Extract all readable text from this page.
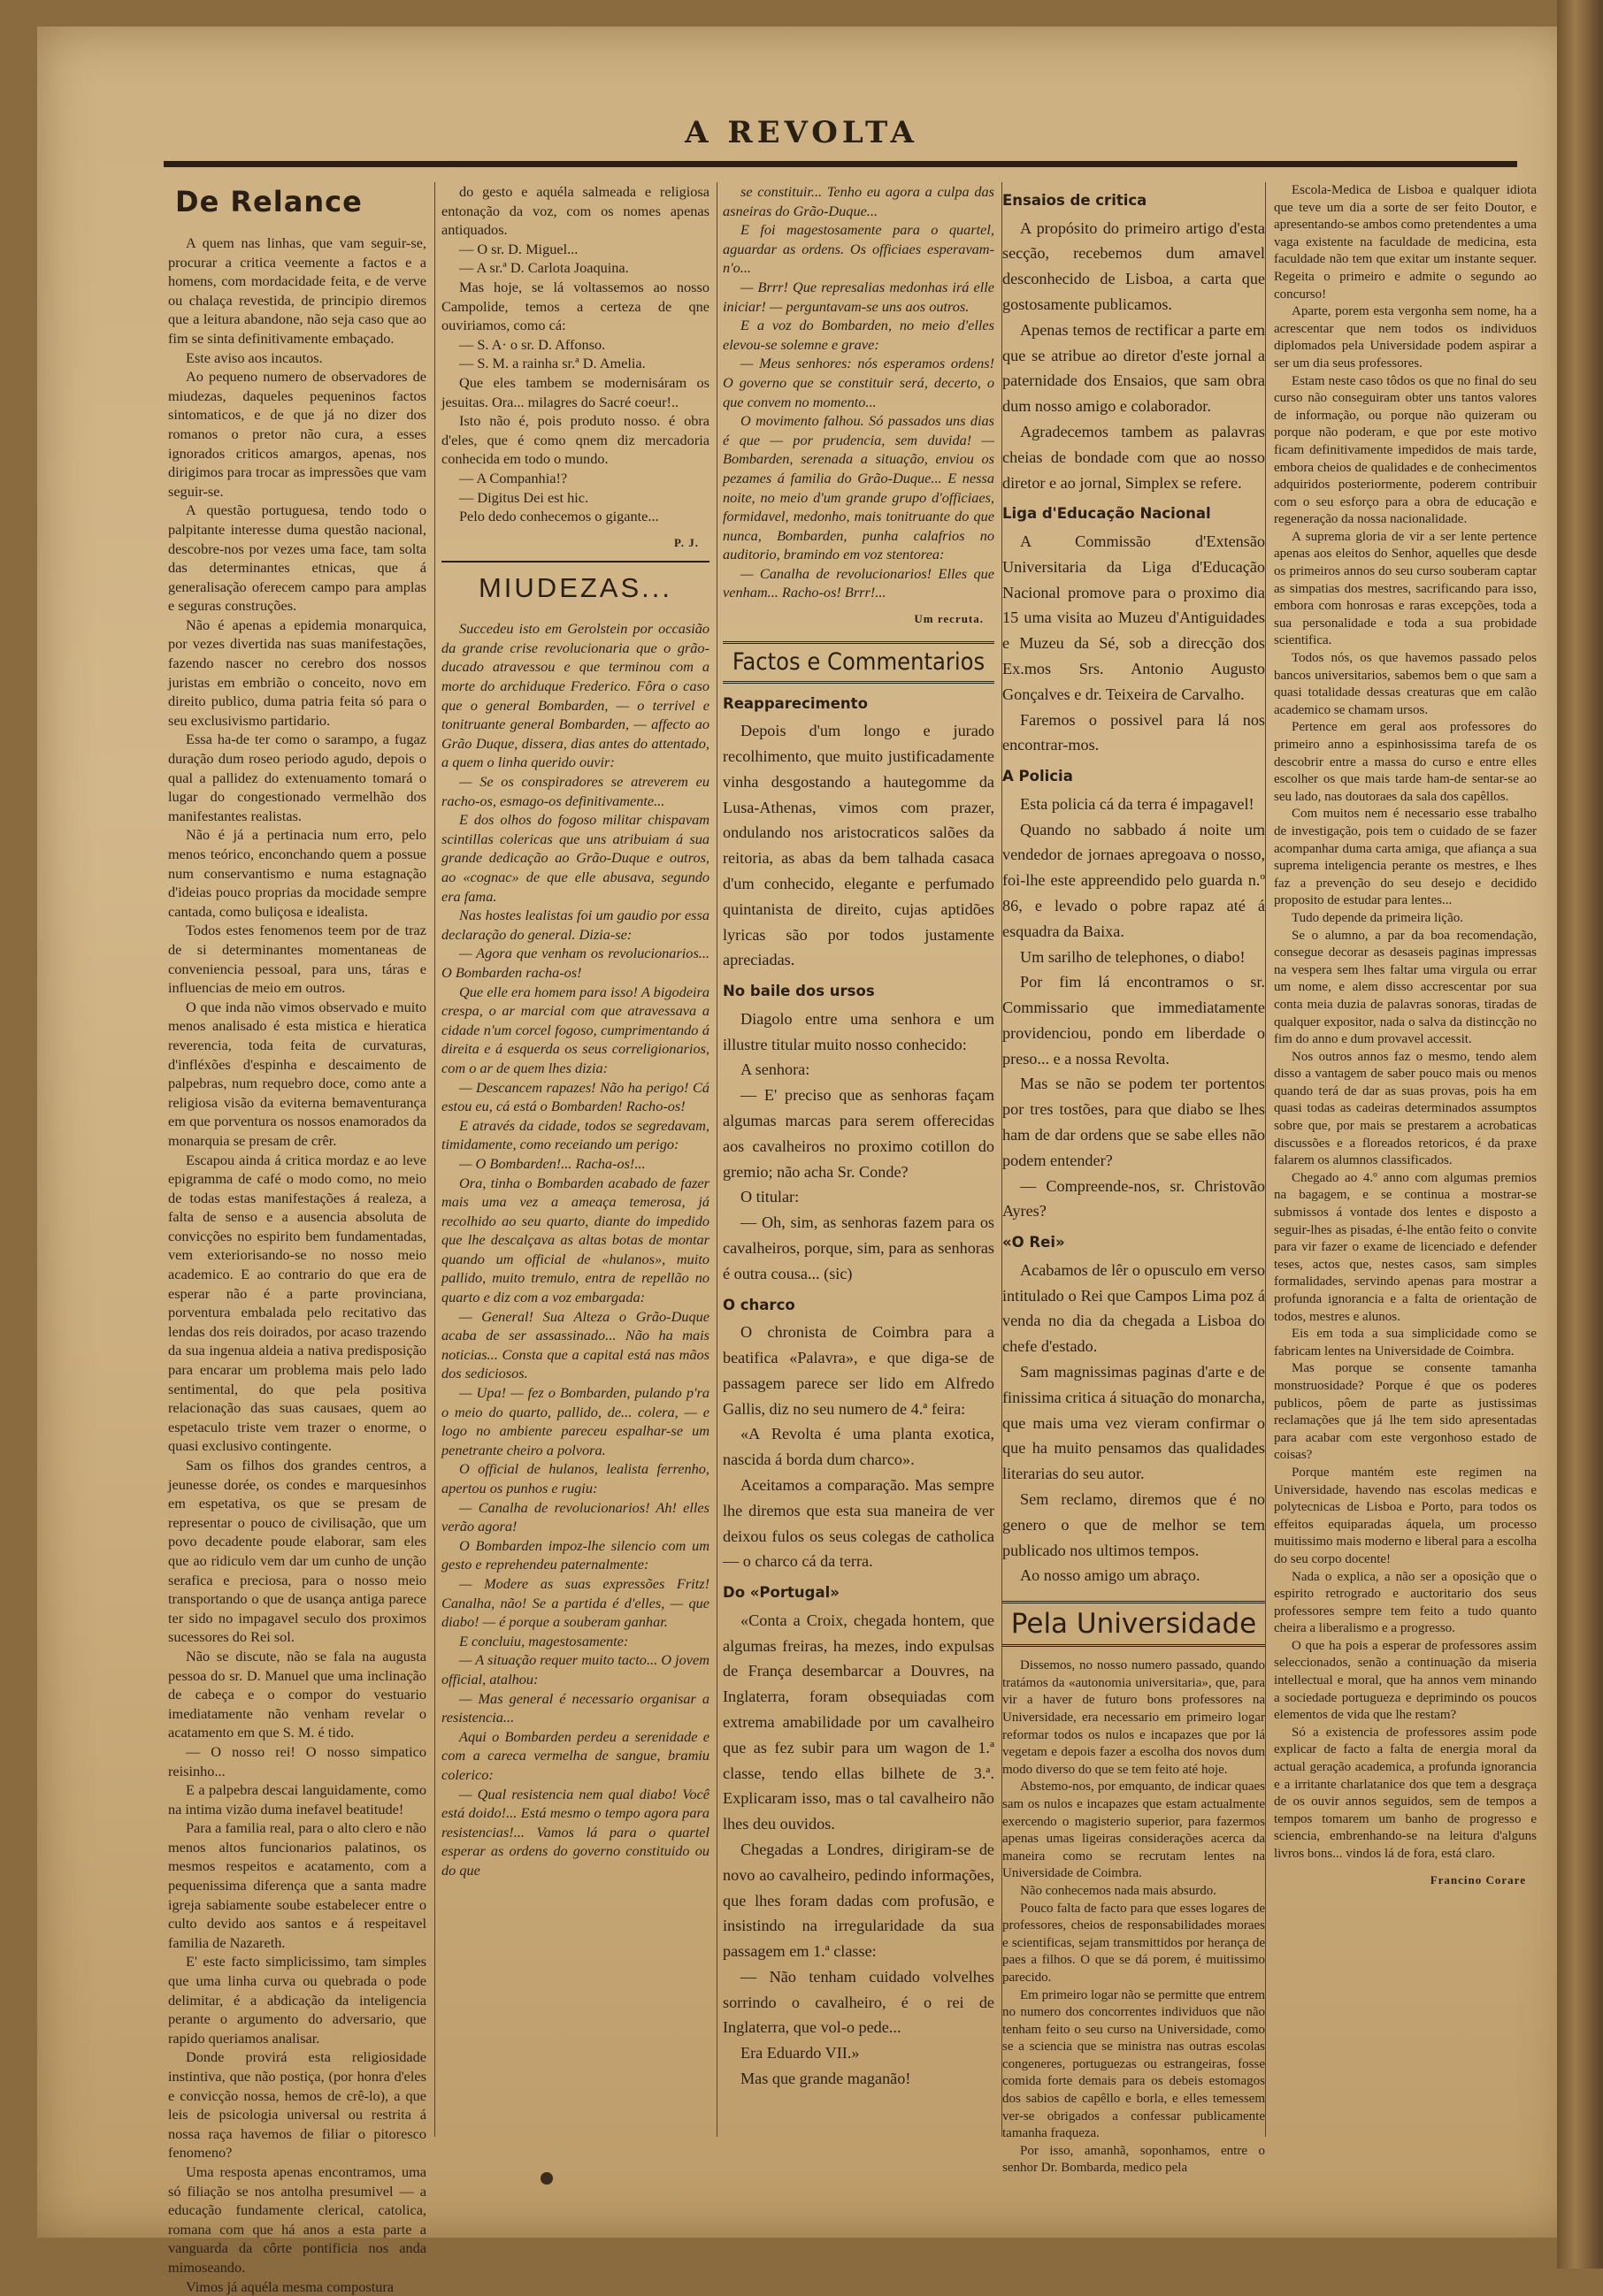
A REVOLTA
De Relance

A quem nas linhas, que vam seguir-se, procurar a critica veemente a factos e a homens, com mordacidade feita, e de verve ou chalaça revestida, de principio diremos que a leitura abandone, não seja caso que ao fim se sinta definitivamente embaçado.

Este aviso aos incautos.

Ao pequeno numero de observadores de miudezas, daqueles pequeninos factos sintomaticos, e de que já no dizer dos romanos o pretor não cura, a esses ignorados criticos amargos, apenas, nos dirigimos para trocar as impressões que vam seguir-se.

A questão portuguesa, tendo todo o palpitante interesse duma questão nacional, descobre-nos por vezes uma face, tam solta das determinantes etnicas, que á generalisação oferecem campo para amplas e seguras construções.

Não é apenas a epidemia monarquica, por vezes divertida nas suas manifestações, fazendo nascer no cerebro dos nossos juristas em embrião o conceito, novo em direito publico, duma patria feita só para o seu exclusivismo partidario.

Essa ha-de ter como o sarampo, a fugaz duração dum roseo periodo agudo, depois o qual a pallidez do extenuamento tomará o lugar do congestionado vermelhão dos manifestantes realistas.

Não é já a pertinacia num erro, pelo menos teórico, enconchando quem a possue num conservantismo e numa estagnação d'ideias pouco proprias da mocidade sempre cantada, como buliçosa e idealista.

Todos estes fenomenos teem por de traz de si determinantes momentaneas de conveniencia pessoal, para uns, táras e influencias de meio em outros.

O que inda não vimos observado e muito menos analisado é esta mistica e hieratica reverencia, toda feita de curvaturas, d'infléxões d'espinha e descaimento de palpebras, num requebro doce, como ante a religiosa visão da eviterna bemaventurança em que porventura os nossos enamorados da monarquia se presam de crêr.

Escapou ainda á critica mordaz e ao leve epigramma de café o modo como, no meio de todas estas manifestações á realeza, a falta de senso e a ausencia absoluta de convicções no espirito bem fundamentadas, vem exteriorisando-se no nosso meio academico. E ao contrario do que era de esperar não é a parte provinciana, porventura embalada pelo recitativo das lendas dos reis doirados, por acaso trazendo da sua ingenua aldeia a nativa predisposição para encarar um problema mais pelo lado sentimental, do que pela positiva relacionação das suas causaes, quem ao espetaculo triste vem trazer o enorme, o quasi exclusivo contingente.

Sam os filhos dos grandes centros, a jeunesse dorée, os condes e marquesinhos em espetativa, os que se presam de representar o pouco de civilisação, que um povo decadente poude elaborar, sam eles que ao ridiculo vem dar um cunho de unção serafica e preciosa, para o nosso meio transportando o que de usança antiga parece ter sido no impagavel seculo dos proximos sucessores do Rei sol.

Não se discute, não se fala na augusta pessoa do sr. D. Manuel que uma inclinação de cabeça e o compor do vestuario imediatamente não venham revelar o acatamento em que S. M. é tido.

— O nosso rei! O nosso simpatico reisinho...

E a palpebra descai languidamente, como na intima vizão duma inefavel beatitude!

Para a familia real, para o alto clero e não menos altos funcionarios palatinos, os mesmos respeitos e acatamento, com a pequenissima diferença que a santa madre igreja sabiamente soube estabelecer entre o culto devido aos santos e á respeitavel familia de Nazareth.

E' este facto simplicissimo, tam simples que uma linha curva ou quebrada o pode delimitar, é a abdicação da inteligencia perante o argumento do adversario, que rapido queriamos analisar.

Donde provirá esta religiosidade instintiva, que não postiça, (por honra d'eles e convicção nossa, hemos de crê-lo), a que leis de psicologia universal ou restrita á nossa raça havemos de filiar o pitoresco fenomeno?

Uma resposta apenas encontramos, uma só filiação se nos antolha presumivel — a educação fundamente clerical, catolica, romana com que há anos a esta parte a vanguarda da côrte pontificia nos anda mimoseando.

Vimos já aquéla mesma compostura

do gesto e aquéla salmeada e religiosa entonação da voz, com os nomes apenas antiquados.

— O sr. D. Miguel...

— A sr.ª D. Carlota Joaquina.

Mas hoje, se lá voltassemos ao nosso Campolide, temos a certeza de qne ouviriamos, como cá:

— S. A· o sr. D. Affonso.

— S. M. a rainha sr.ª D. Amelia.

Que eles tambem se modernisáram os jesuitas. Ora... milagres do Sacré coeur!..

Isto não é, pois produto nosso. é obra d'eles, que é como qnem diz mercadoria conhecida em todo o mundo.

— A Companhia!?

— Digitus Dei est hic.

Pelo dedo conhecemos o gigante...

P. J.
MIUDEZAS...

Succedeu isto em Gerolstein por occasião da grande crise revolucionaria que o grão-ducado atravessou e que terminou com a morte do archiduque Frederico. Fôra o caso que o general Bombarden, — o terrivel e tonitruante general Bombarden, — affecto ao Grão Duque, dissera, dias antes do attentado, a quem o linha querido ouvir:

— Se os conspiradores se atreverem eu racho-os, esmago-os definitivamente...

E dos olhos do fogoso militar chispavam scintillas colericas que uns atribuiam á sua grande dedicação ao Grão-Duque e outros, ao «cognac» de que elle abusava, segundo era fama.

Nas hostes lealistas foi um gaudio por essa declaração do general. Dizia-se:

— Agora que venham os revolucionarios... O Bombarden racha-os!

Que elle era homem para isso! A bigodeira crespa, o ar marcial com que atravessava a cidade n'um corcel fogoso, cumprimentando á direita e á esquerda os seus correligionarios, com o ar de quem lhes dizia:

— Descancem rapazes! Não ha perigo! Cá estou eu, cá está o Bombarden! Racho-os!

E através da cidade, todos se segredavam, timidamente, como receiando um perigo:

— O Bombarden!... Racha-os!...

Ora, tinha o Bombarden acabado de fazer mais uma vez a ameaça temerosa, já recolhido ao seu quarto, diante do impedido que lhe descalçava as altas botas de montar quando um official de «hulanos», muito pallido, muito tremulo, entra de repellão no quarto e diz com a voz embargada:

— General! Sua Alteza o Grão-Duque acaba de ser assassinado... Não ha mais noticias... Consta que a capital está nas mãos dos sediciosos.

— Upa! — fez o Bombarden, pulando p'ra o meio do quarto, pallido, de... colera, — e logo no ambiente pareceu espalhar-se um penetrante cheiro a polvora.

O official de hulanos, lealista ferrenho, apertou os punhos e rugiu:

— Canalha de revolucionarios! Ah! elles verão agora!

O Bombarden impoz-lhe silencio com um gesto e reprehendeu paternalmente:

— Modere as suas expressões Fritz! Canalha, não! Se a partida é d'elles, — que diabo! — é porque a souberam ganhar.

E concluiu, magestosamente:

— A situação requer muito tacto... O jovem official, atalhou:

— Mas general é necessario organisar a resistencia...

Aqui o Bombarden perdeu a serenidade e com a careca vermelha de sangue, bramiu colerico:

— Qual resistencia nem qual diabo! Você está doido!... Está mesmo o tempo agora para resistencias!... Vamos lá para o quartel esperar as ordens do governo constituido ou do que

se constituir... Tenho eu agora a culpa das asneiras do Grão-Duque...

E foi magestosamente para o quartel, aguardar as ordens. Os officiaes esperavam-n'o...

— Brrr! Que represalias medonhas irá elle iniciar! — perguntavam-se uns aos outros.

E a voz do Bombarden, no meio d'elles elevou-se solemne e grave:

— Meus senhores: nós esperamos ordens! O governo que se constituir será, decerto, o que convem no momento...

O movimento falhou. Só passados uns dias é que — por prudencia, sem duvida! — Bombarden, serenada a situação, enviou os pezames á familia do Grão-Duque... E nessa noite, no meio d'um grande grupo d'officiaes, formidavel, medonho, mais tonitruante do que nunca, Bombarden, punha calafrios no auditorio, bramindo em voz stentorea:

— Canalha de revolucionarios! Elles que venham... Racho-os! Brrr!...

Um recruta.
Factos e Commentarios
Reapparecimento

Depois d'um longo e jurado recolhimento, que muito justificadamente vinha desgostando a hautegomme da Lusa-Athenas, vimos com prazer, ondulando nos aristocraticos salões da reitoria, as abas da bem talhada casaca d'um conhecido, elegante e perfumado quintanista de direito, cujas aptidões lyricas são por todos justamente apreciadas.

No baile dos ursos

Diagolo entre uma senhora e um illustre titular muito nosso conhecido:

A senhora:

— E' preciso que as senhoras façam algumas marcas para serem offerecidas aos cavalheiros no proximo cotillon do gremio; não acha Sr. Conde?

O titular:

— Oh, sim, as senhoras fazem para os cavalheiros, porque, sim, para as senhoras é outra cousa... (sic)

O charco

O chronista de Coimbra para a beatifica «Palavra», e que diga-se de passagem parece ser lido em Alfredo Gallis, diz no seu numero de 4.ª feira:

«A Revolta é uma planta exotica, nascida á borda dum charco».

Aceitamos a comparação. Mas sempre lhe diremos que esta sua maneira de ver deixou fulos os seus colegas de catholica — o charco cá da terra.

Do «Portugal»

«Conta a Croix, chegada hontem, que algumas freiras, ha mezes, indo expulsas de França desembarcar a Douvres, na Inglaterra, foram obsequiadas com extrema amabilidade por um cavalheiro que as fez subir para um wagon de 1.ª classe, tendo ellas bilhete de 3.ª. Explicaram isso, mas o tal cavalheiro não lhes deu ouvidos.

Chegadas a Londres, dirigiram-se de novo ao cavalheiro, pedindo informações, que lhes foram dadas com profusão, e insistindo na irregularidade da sua passagem em 1.ª classe:

— Não tenham cuidado volvelhes sorrindo o cavalheiro, é o rei de Inglaterra, que vol-o pede...

Era Eduardo VII.»

Mas que grande maganão!

Ensaios de critica

A propósito do primeiro artigo d'esta secção, recebemos dum amavel desconhecido de Lisboa, a carta que gostosamente publicamos.

Apenas temos de rectificar a parte em que se atribue ao diretor d'este jornal a paternidade dos Ensaios, que sam obra dum nosso amigo e colaborador.

Agradecemos tambem as palavras cheias de bondade com que ao nosso diretor e ao jornal, Simplex se refere.

Liga d'Educação Nacional

A Commissão d'Extensão Universitaria da Liga d'Educação Nacional promove para o proximo dia 15 uma visita ao Muzeu d'Antiguidades e Muzeu da Sé, sob a direcção dos Ex.mos Srs. Antonio Augusto Gonçalves e dr. Teixeira de Carvalho.

Faremos o possivel para lá nos encontrar-mos.

A Policia

Esta policia cá da terra é impagavel!

Quando no sabbado á noite um vendedor de jornaes apregoava o nosso, foi-lhe este appreendido pelo guarda n.º 86, e levado o pobre rapaz até á esquadra da Baixa.

Um sarilho de telephones, o diabo!

Por fim lá encontramos o sr. Commissario que immediatamente providenciou, pondo em liberdade o preso... e a nossa Revolta.

Mas se não se podem ter portentos por tres tostões, para que diabo se lhes ham de dar ordens que se sabe elles não podem entender?

— Compreende-nos, sr. Christovão Ayres?

«O Rei»

Acabamos de lêr o opusculo em verso intitulado o Rei que Campos Lima poz á venda no dia da chegada a Lisboa do chefe d'estado.

Sam magnissimas paginas d'arte e de finissima critica á situação do monarcha, que mais uma vez vieram confirmar o que ha muito pensamos das qualidades literarias do seu autor.

Sem reclamo, diremos que é no genero o que de melhor se tem publicado nos ultimos tempos.

Ao nosso amigo um abraço.

Pela Universidade

Dissemos, no nosso numero passado, quando tratámos da «autonomia universitaria», que, para vir a haver de futuro bons professores na Universidade, era necessario em primeiro logar reformar todos os nulos e incapazes que por lá vegetam e depois fazer a escolha dos novos dum modo diverso do que se tem feito até hoje.

Abstemo-nos, por emquanto, de indicar quaes sam os nulos e incapazes que estam actualmente exercendo o magisterio superior, para fazermos apenas umas ligeiras considerações acerca da maneira como se recrutam lentes na Universidade de Coimbra.

Não conhecemos nada mais absurdo.

Pouco falta de facto para que esses logares de professores, cheios de responsabilidades moraes e scientificas, sejam transmittidos por herança de paes a filhos. O que se dá porem, é muitissimo parecido.

Em primeiro logar não se permitte que entrem no numero dos concorrentes individuos que não tenham feito o seu curso na Universidade, como se a sciencia que se ministra nas outras escolas congeneres, portuguezas ou estrangeiras, fosse comida forte demais para os debeis estomagos dos sabios de capêllo e borla, e elles temessem ver-se obrigados a confessar publicamente tamanha fraqueza.

Por isso, amanhã, soponhamos, entre o senhor Dr. Bombarda, medico pela

Escola-Medica de Lisboa e qualquer idiota que teve um dia a sorte de ser feito Doutor, e apresentando-se ambos como pretendentes a uma vaga existente na faculdade de medicina, esta faculdade não tem que exitar um instante sequer. Regeita o primeiro e admite o segundo ao concurso!

Aparte, porem esta vergonha sem nome, ha a acrescentar que nem todos os individuos diplomados pela Universidade podem aspirar a ser um dia seus professores.

Estam neste caso tôdos os que no final do seu curso não conseguiram obter uns tantos valores de informação, ou porque não quizeram ou porque não poderam, e que por este motivo ficam definitivamente impedidos de mais tarde, embora cheios de qualidades e de conhecimentos adquiridos posteriormente, poderem contribuir com o seu esforço para a obra de educação e regeneração da nossa nacionalidade.

A suprema gloria de vir a ser lente pertence apenas aos eleitos do Senhor, aquelles que desde os primeiros annos do seu curso souberam captar as simpatias dos mestres, sacrificando para isso, embora com honrosas e raras excepções, toda a sua personalidade e toda a sua probidade scientifica.

Todos nós, os que havemos passado pelos bancos universitarios, sabemos bem o que sam a quasi totalidade dessas creaturas que em calão academico se chamam ursos.

Pertence em geral aos professores do primeiro anno a espinhosissima tarefa de os descobrir entre a massa do curso e entre elles escolher os que mais tarde ham-de sentar-se ao seu lado, nas doutoraes da sala dos capêllos.

Com muitos nem é necessario esse trabalho de investigação, pois tem o cuidado de se fazer acompanhar duma carta amiga, que afiança a sua suprema inteligencia perante os mestres, e lhes faz a prevenção do seu desejo e decidido proposito de estudar para lentes...

Tudo depende da primeira lição.

Se o alumno, a par da boa recomendação, consegue decorar as desaseis paginas impressas na vespera sem lhes faltar uma virgula ou errar um nome, e alem disso accrescentar por sua conta meia duzia de palavras sonoras, tiradas de qualquer expositor, nada o salva da distincção no fim do anno e dum provavel accessit.

Nos outros annos faz o mesmo, tendo alem disso a vantagem de saber pouco mais ou menos quando terá de dar as suas provas, pois ha em quasi todas as cadeiras determinados assumptos sobre que, por mais se prestarem a acrobaticas discussões e a floreados retoricos, é da praxe falarem os alumnos classificados.

Chegado ao 4.º anno com algumas premios na bagagem, e se continua a mostrar-se submissos á vontade dos lentes e disposto a seguir-lhes as pisadas, é-lhe então feito o convite para vir fazer o exame de licenciado e defender teses, actos que, nestes casos, sam simples formalidades, servindo apenas para mostrar a profunda ignorancia e a falta de orientação de todos, mestres e alunos.

Eis em toda a sua simplicidade como se fabricam lentes na Universidade de Coimbra.

Mas porque se consente tamanha monstruosidade? Porque é que os poderes publicos, pôem de parte as justissimas reclamações que já lhe tem sido apresentadas para acabar com este vergonhoso estado de coisas?

Porque mantém este regimen na Universidade, havendo nas escolas medicas e polytecnicas de Lisboa e Porto, para todos os effeitos equiparadas áquela, um processo muitissimo mais moderno e liberal para a escolha do seu corpo docente!

Nada o explica, a não ser a oposição que o espirito retrogrado e auctoritario dos seus professores sempre tem feito a tudo quanto cheira a liberalismo e a progresso.

O que ha pois a esperar de professores assim seleccionados, senão a continuação da miseria intellectual e moral, que ha annos vem minando a sociedade portugueza e deprimindo os poucos elementos de vida que lhe restam?

Só a existencia de professores assim pode explicar de facto a falta de energia moral da actual geração academica, a profunda ignorancia e a irritante charlatanice dos que tem a desgraça de os ouvir annos seguidos, sem de tempos a tempos tomarem um banho de progresso e sciencia, embrenhando-se na leitura d'alguns livros bons... vindos lá de fora, está claro.

Francino Corare
